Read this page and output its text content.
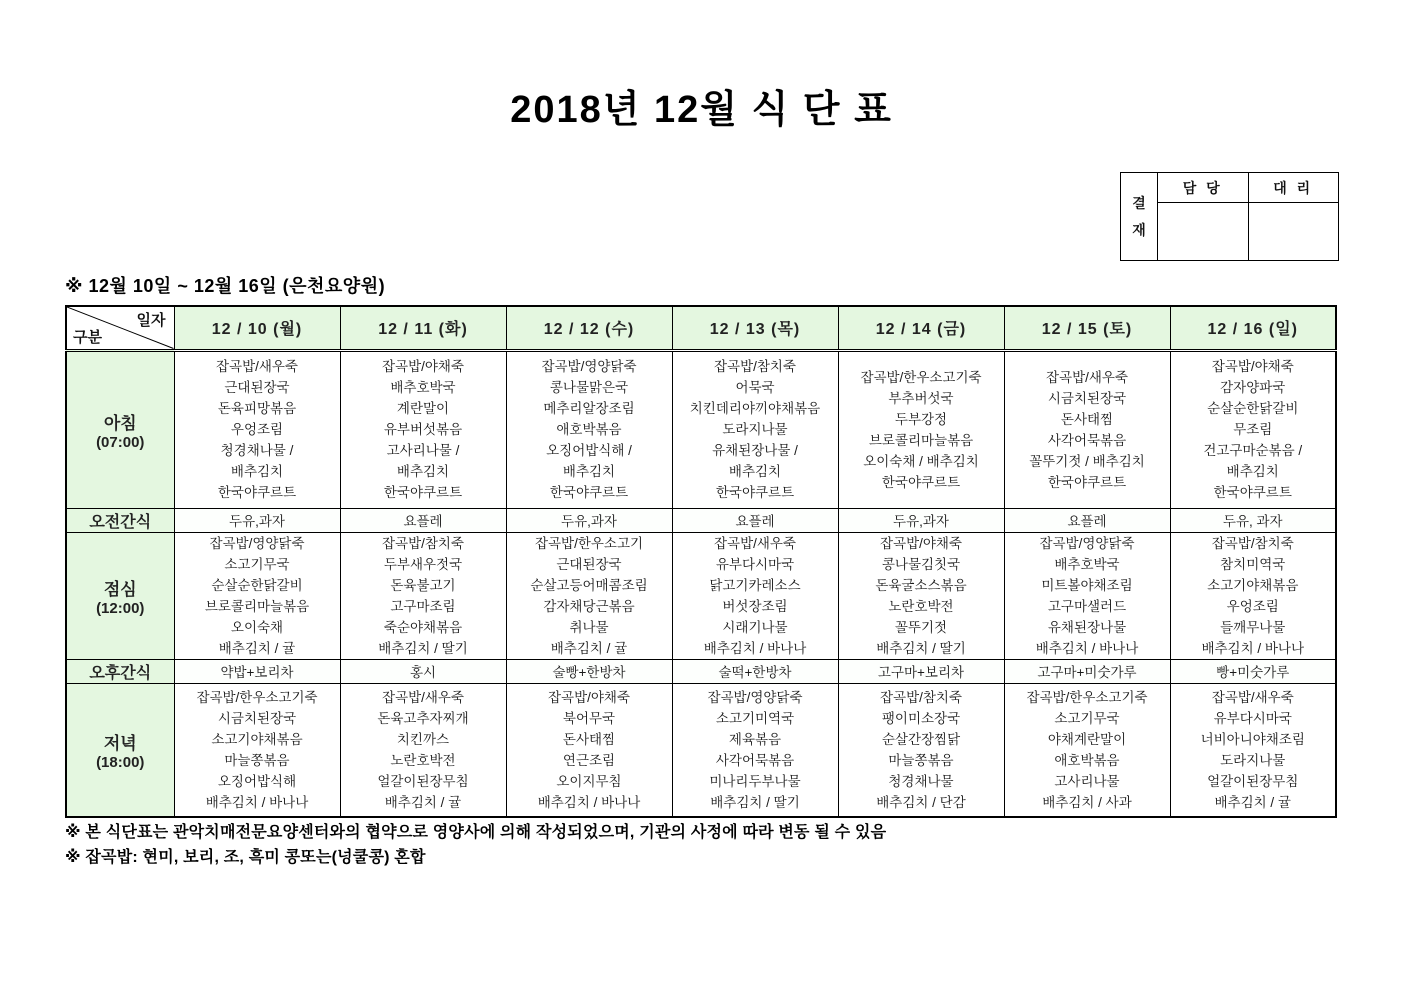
2018년 12월 식 단 표
결재
담 당	대 리
※ 12월 10일 ~ 12월 16일 (은천요양원)
일자
구분	12 / 10 (월)	12 / 11 (화)	12 / 12 (수)	12 / 13 (목)	12 / 14 (금)	12 / 15 (토)	12 / 16 (일)

아침
(07:00)

잡곡밥/새우죽
근대된장국
돈육피망볶음
우엉조림
청경채나물 /
배추김치
한국야쿠르트

잡곡밥/야채죽
배추호박국
계란말이
유부버섯볶음
고사리나물 /
배추김치
한국야쿠르트

잡곡밥/영양닭죽
콩나물맑은국
메추리알장조림
애호박볶음
오징어밥식해 /
배추김치
한국야쿠르트

잡곡밥/참치죽
어묵국
치킨데리야끼야채볶음
도라지나물
유채된장나물 /
배추김치
한국야쿠르트

잡곡밥/한우소고기죽
부추버섯국
두부강정
브로콜리마늘볶음
오이숙채 / 배추김치
한국야쿠르트

잡곡밥/새우죽
시금치된장국
돈사태찜
사각어묵볶음
꼴뚜기젓 / 배추김치
한국야쿠르트

잡곡밥/야채죽
감자양파국
순살순한닭갈비
무조림
건고구마순볶음 /
배추김치
한국야쿠르트

오전간식	두유,과자	요플레	두유,과자	요플레	두유,과자	요플레	두유, 과자

점심
(12:00)

잡곡밥/영양닭죽
소고기무국
순살순한닭갈비
브로콜리마늘볶음
오이숙채
배추김치 / 귤

잡곡밥/참치죽
두부새우젓국
돈육불고기
고구마조림
죽순야채볶음
배추김치 / 딸기

잡곡밥/한우소고기
근대된장국
순살고등어매콤조림
감자채당근볶음
취나물
배추김치 / 귤

잡곡밥/새우죽
유부다시마국
닭고기카레소스
버섯장조림
시래기나물
배추김치 / 바나나

잡곡밥/야채죽
콩나물김칫국
돈육굴소스볶음
노란호박전
꼴뚜기젓
배추김치 / 딸기

잡곡밥/영양닭죽
배추호박국
미트볼야채조림
고구마샐러드
유채된장나물
배추김치 / 바나나

잡곡밥/참치죽
참치미역국
소고기야채볶음
우엉조림
들깨무나물
배추김치 / 바나나

오후간식	약밥+보리차	홍시	술빵+한방차	술떡+한방차	고구마+보리차	고구마+미숫가루	빵+미숫가루

저녁
(18:00)

잡곡밥/한우소고기죽
시금치된장국
소고기야채볶음
마늘쫑볶음
오징어밥식해
배추김치 / 바나나

잡곡밥/새우죽
돈육고추자찌개
치킨까스
노란호박전
얼갈이된장무침
배추김치 / 귤

잡곡밥/야채죽
북어무국
돈사태찜
연근조림
오이지무침
배추김치 / 바나나

잡곡밥/영양닭죽
소고기미역국
제육볶음
사각어묵볶음
미나리두부나물
배추김치 / 딸기

잡곡밥/참치죽
팽이미소장국
순살간장찜닭
마늘쫑볶음
청경채나물
배추김치 / 단감

잡곡밥/한우소고기죽
소고기무국
야채계란말이
애호박볶음
고사리나물
배추김치 / 사과

잡곡밥/새우죽
유부다시마국
너비아니야채조림
도라지나물
얼갈이된장무침
배추김치 / 귤
※ 본 식단표는 관악치매전문요양센터와의 협약으로 영양사에 의해 작성되었으며, 기관의 사정에 따라 변동 될 수 있음
※ 잡곡밥: 현미, 보리, 조, 흑미 콩또는(넝쿨콩) 혼합
